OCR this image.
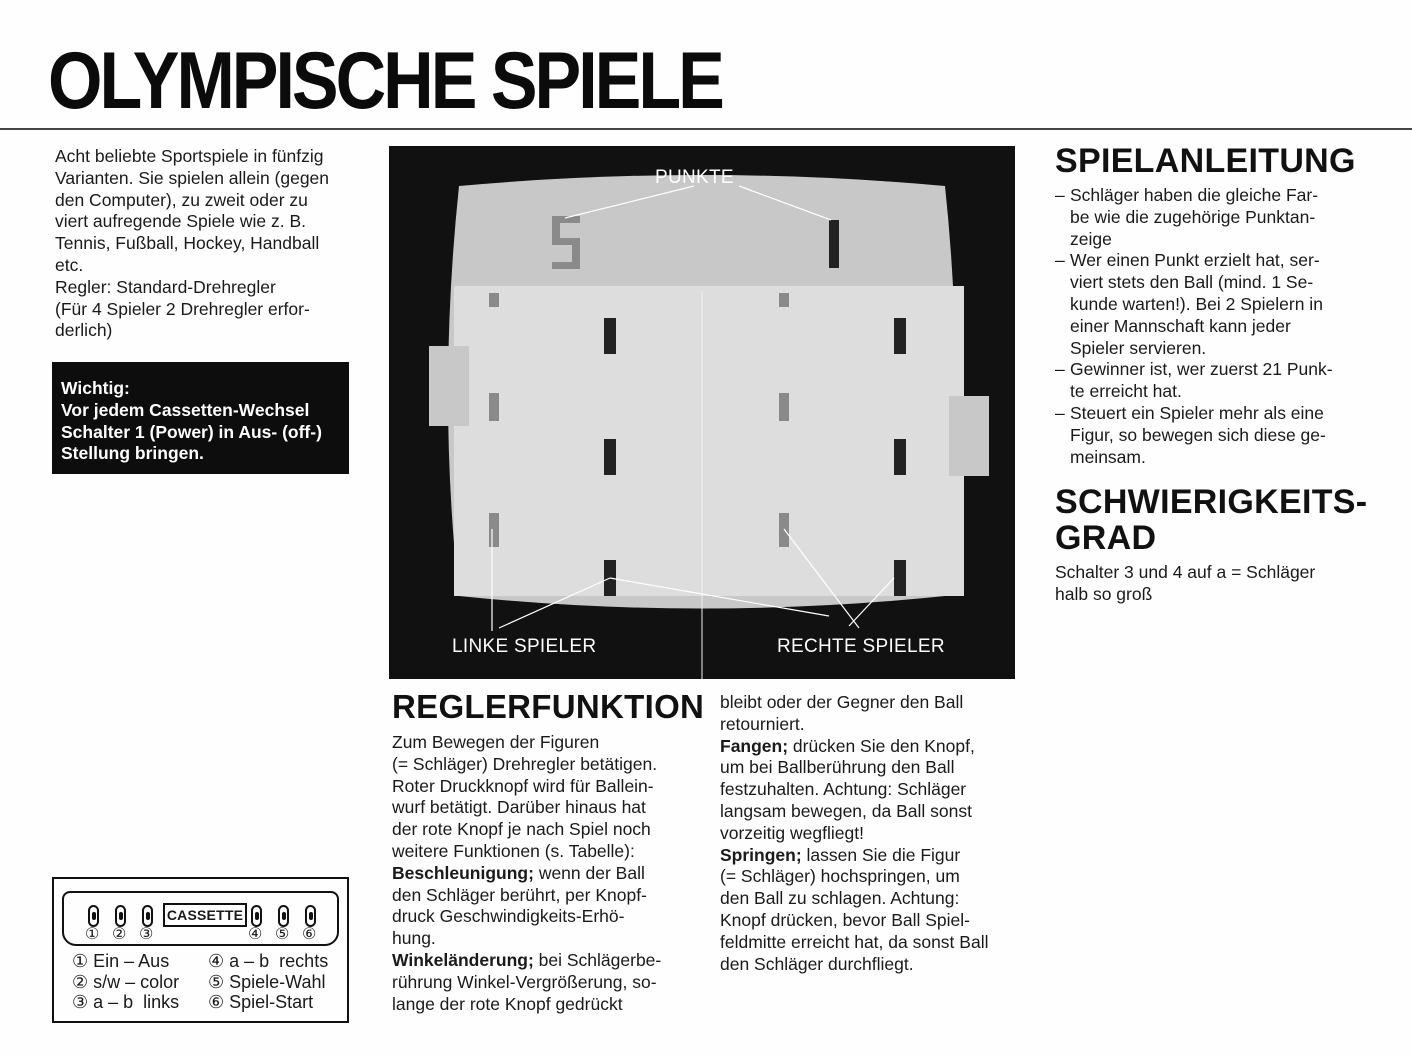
OLYMPISCHE SPIELE

Acht beliebte Sportspiele in fünfzig
Varianten. Sie spielen allein (gegen
den Computer), zu zweit oder zu
viert aufregende Spiele wie z. B.
Tennis, Fußball, Hockey, Handball
etc.
Regler: Standard-Drehregler
(Für 4 Spieler 2 Drehregler erfor-
derlich)

Wichtig:
Vor jedem Cassetten-Wechsel
Schalter 1 (Power) in Aus- (off-)
Stellung bringen.
PUNKTE
LINKE SPIELER	RECHTE SPIELER
SPIELANLEITUNG
– Schläger haben die gleiche Far-
be wie die zugehörige Punktan-
zeige
– Wer einen Punkt erzielt hat, ser-
viert stets den Ball (mind. 1 Se-
kunde warten!). Bei 2 Spielern in
einer Mannschaft kann jeder
Spieler servieren.
– Gewinner ist, wer zuerst 21 Punk-
te erreicht hat.
– Steuert ein Spieler mehr als eine
Figur, so bewegen sich diese ge-
meinsam.
SCHWIERIGKEITS-
GRAD

Schalter 3 und 4 auf a = Schläger
halb so groß

REGLERFUNKTION

Zum Bewegen der Figuren
(= Schläger) Drehregler betätigen.
Roter Druckknopf wird für Ballein-
wurf betätigt. Darüber hinaus hat
der rote Knopf je nach Spiel noch
weitere Funktionen (s. Tabelle):
Beschleunigung; wenn der Ball
den Schläger berührt, per Knopf-
druck Geschwindigkeits-Erhö-
hung.
Winkeländerung; bei Schlägerbe-
rührung Winkel-Vergrößerung, so-
lange der rote Knopf gedrückt

bleibt oder der Gegner den Ball
retourniert.
Fangen; drücken Sie den Knopf,
um bei Ballberührung den Ball
festzuhalten. Achtung: Schläger
langsam bewegen, da Ball sonst
vorzeitig wegfliegt!
Springen; lassen Sie die Figur
(= Schläger) hochspringen, um
den Ball zu schlagen. Achtung:
Knopf drücken, bevor Ball Spiel-
feldmitte erreicht hat, da sonst Ball
den Schläger durchfliegt.

CASSETTE
① ② ③	④ ⑤ ⑥
① Ein – Aus
② s/w – color
③ a – b  links
④ a – b  rechts
⑤ Spiele-Wahl
⑥ Spiel-Start
